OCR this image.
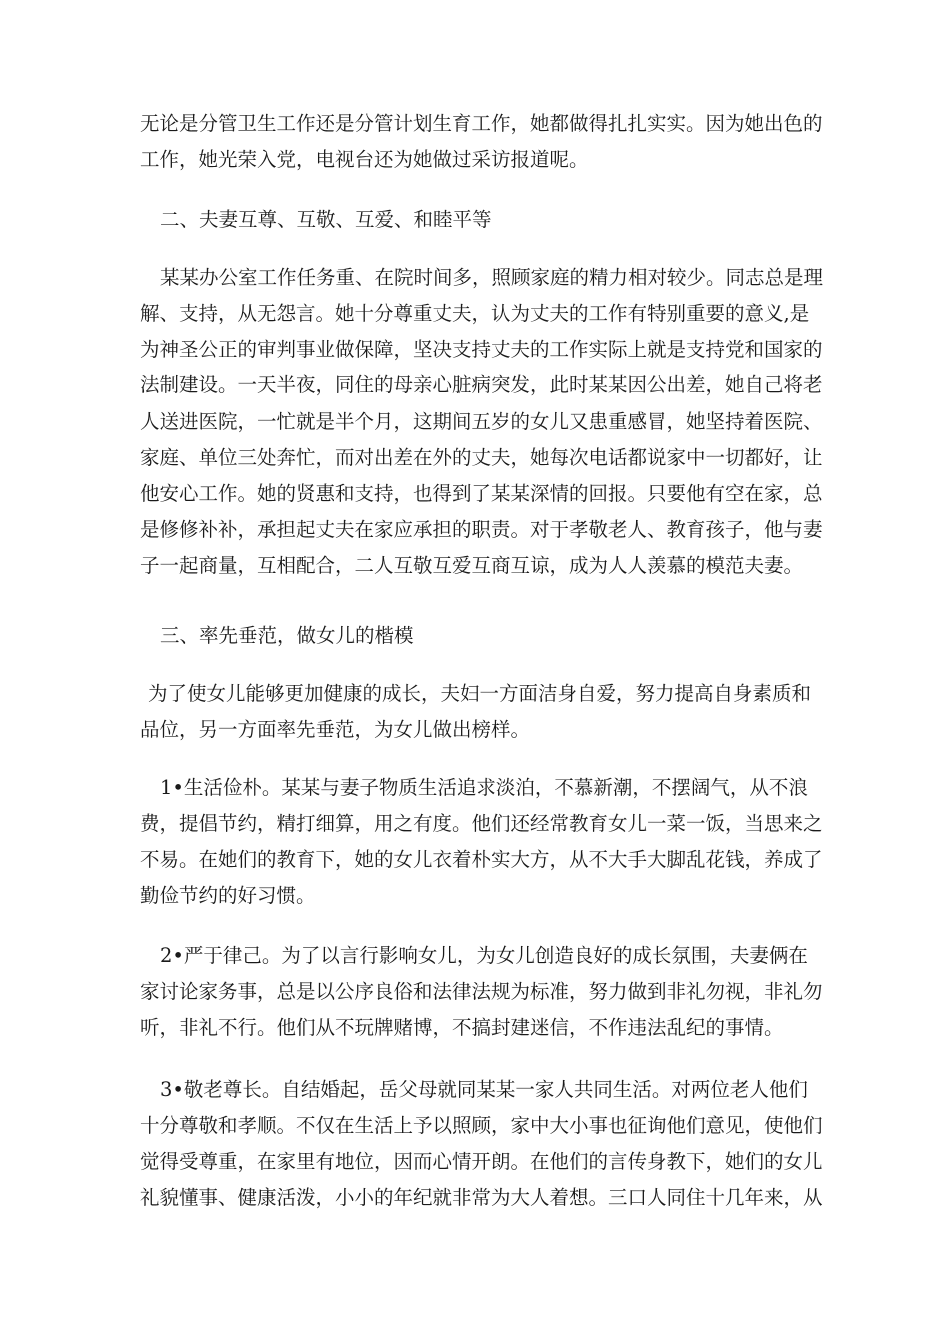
无论是分管卫生工作还是分管计划生育工作，她都做得扎扎实实。因为她出色的
工作，她光荣入党，电视台还为她做过采访报道呢。
二、夫妻互尊、互敬、互爱、和睦平等
某某办公室工作任务重、在院时间多，照顾家庭的精力相对较少。同志总是理
解、支持，从无怨言。她十分尊重丈夫，认为丈夫的工作有特别重要的意义,是
为神圣公正的审判事业做保障，坚决支持丈夫的工作实际上就是支持党和国家的
法制建设。一天半夜，同住的母亲心脏病突发，此时某某因公出差，她自己将老
人送进医院，一忙就是半个月，这期间五岁的女儿又患重感冒，她坚持着医院、
家庭、单位三处奔忙，而对出差在外的丈夫，她每次电话都说家中一切都好，让
他安心工作。她的贤惠和支持，也得到了某某深情的回报。只要他有空在家，总
是修修补补，承担起丈夫在家应承担的职责。对于孝敬老人、教育孩子，他与妻
子一起商量，互相配合，二人互敬互爱互商互谅，成为人人羡慕的模范夫妻。
三、率先垂范，做女儿的楷模
为了使女儿能够更加健康的成长，夫妇一方面洁身自爱，努力提高自身素质和
品位，另一方面率先垂范，为女儿做出榜样。
1•生活俭朴。某某与妻子物质生活追求淡泊，不慕新潮，不摆阔气，从不浪
费，提倡节约，精打细算，用之有度。他们还经常教育女儿一菜一饭，当思来之
不易。在她们的教育下，她的女儿衣着朴实大方，从不大手大脚乱花钱，养成了
勤俭节约的好习惯。
2•严于律己。为了以言行影响女儿，为女儿创造良好的成长氛围，夫妻俩在
家讨论家务事，总是以公序良俗和法律法规为标准，努力做到非礼勿视，非礼勿
听，非礼不行。他们从不玩牌赌博，不搞封建迷信，不作违法乱纪的事情。
3•敬老尊长。自结婚起，岳父母就同某某一家人共同生活。对两位老人他们
十分尊敬和孝顺。不仅在生活上予以照顾，家中大小事也征询他们意见，使他们
觉得受尊重，在家里有地位，因而心情开朗。在他们的言传身教下，她们的女儿
礼貌懂事、健康活泼，小小的年纪就非常为大人着想。三口人同住十几年来，从
